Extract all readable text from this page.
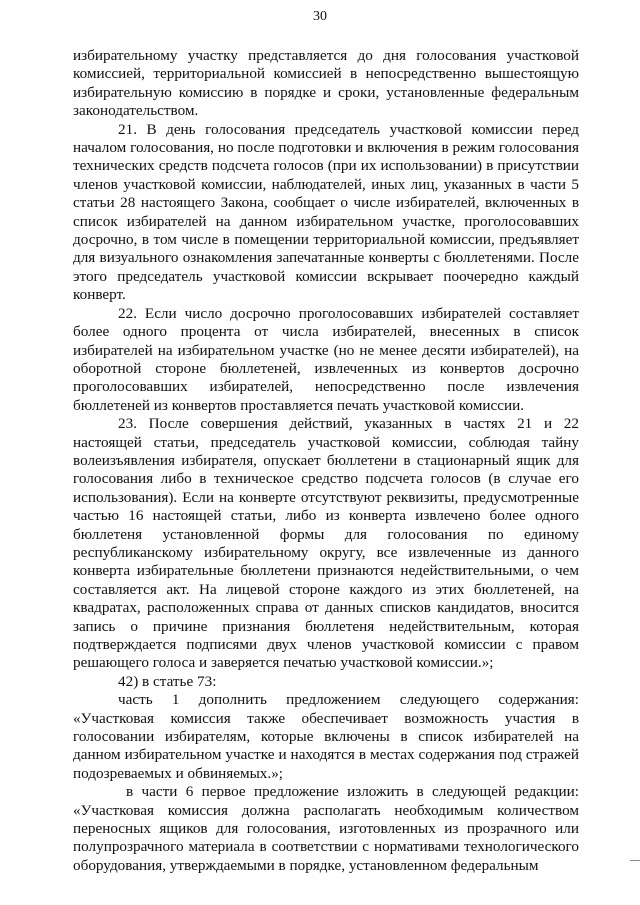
30

избирательному участку представляется до дня голосования участковой комиссией, территориальной комиссией в непосредственно вышестоящую избирательную комиссию в порядке и сроки, установленные федеральным законодательством.

21. В день голосования председатель участковой комиссии перед началом голосования, но после подготовки и включения в режим голосования технических средств подсчета голосов (при их использовании) в присутствии членов участковой комиссии, наблюдателей, иных лиц, указанных в части 5 статьи 28 настоящего Закона, сообщает о числе избирателей, включенных в список избирателей на данном избирательном участке, проголосовавших досрочно, в том числе в помещении территориальной комиссии, предъявляет для визуального ознакомления запечатанные конверты с бюллетенями. После этого председатель участковой комиссии вскрывает поочередно каждый конверт.

22. Если число досрочно проголосовавших избирателей составляет более одного процента от числа избирателей, внесенных в список избирателей на избирательном участке (но не менее десяти избирателей), на оборотной стороне бюллетеней, извлеченных из конвертов досрочно проголосовавших избирателей, непосредственно после извлечения бюллетеней из конвертов проставляется печать участковой комиссии.

23. После совершения действий, указанных в частях 21 и 22 настоящей статьи, председатель участковой комиссии, соблюдая тайну волеизъявления избирателя, опускает бюллетени в стационарный ящик для голосования либо в техническое средство подсчета голосов (в случае его использования). Если на конверте отсутствуют реквизиты, предусмотренные частью 16 настоящей статьи, либо из конверта извлечено более одного бюллетеня установленной формы для голосования по единому республиканскому избирательному округу, все извлеченные из данного конверта избирательные бюллетени признаются недействительными, о чем составляется акт. На лицевой стороне каждого из этих бюллетеней, на квадратах, расположенных справа от данных списков кандидатов, вносится запись о причине признания бюллетеня недействительным, которая подтверждается подписями двух членов участковой комиссии с правом решающего голоса и заверяется печатью участковой комиссии.»;

42) в статье 73:

часть 1 дополнить предложением следующего содержания: «Участковая комиссия также обеспечивает возможность участия в голосовании избирателям, которые включены в список избирателей на данном избирательном участке и находятся в местах содержания под стражей подозреваемых и обвиняемых.»;

в части 6 первое предложение изложить в следующей редакции: «Участковая комиссия должна располагать необходимым количеством переносных ящиков для голосования, изготовленных из прозрачного или полупрозрачного материала в соответствии с нормативами технологического оборудования, утверждаемыми в порядке, установленном федеральным
